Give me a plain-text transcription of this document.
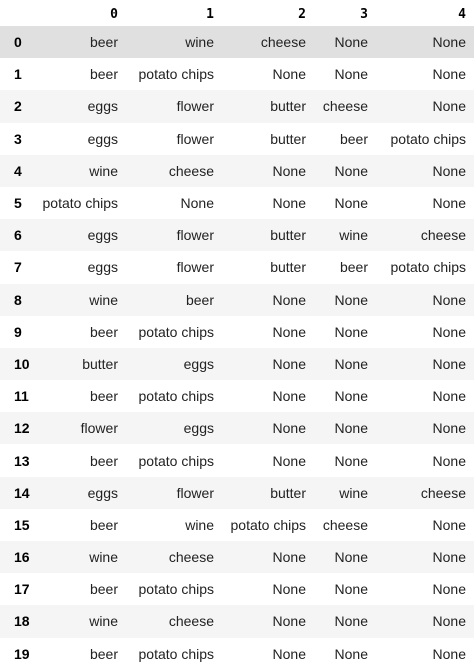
	0	1	2	3	4
0	beer	wine	cheese	None	None
1	beer	potato chips	None	None	None
2	eggs	flower	butter	cheese	None
3	eggs	flower	butter	beer	potato chips
4	wine	cheese	None	None	None
5	potato chips	None	None	None	None
6	eggs	flower	butter	wine	cheese
7	eggs	flower	butter	beer	potato chips
8	wine	beer	None	None	None
9	beer	potato chips	None	None	None
10	butter	eggs	None	None	None
11	beer	potato chips	None	None	None
12	flower	eggs	None	None	None
13	beer	potato chips	None	None	None
14	eggs	flower	butter	wine	cheese
15	beer	wine	potato chips	cheese	None
16	wine	cheese	None	None	None
17	beer	potato chips	None	None	None
18	wine	cheese	None	None	None
19	beer	potato chips	None	None	None
